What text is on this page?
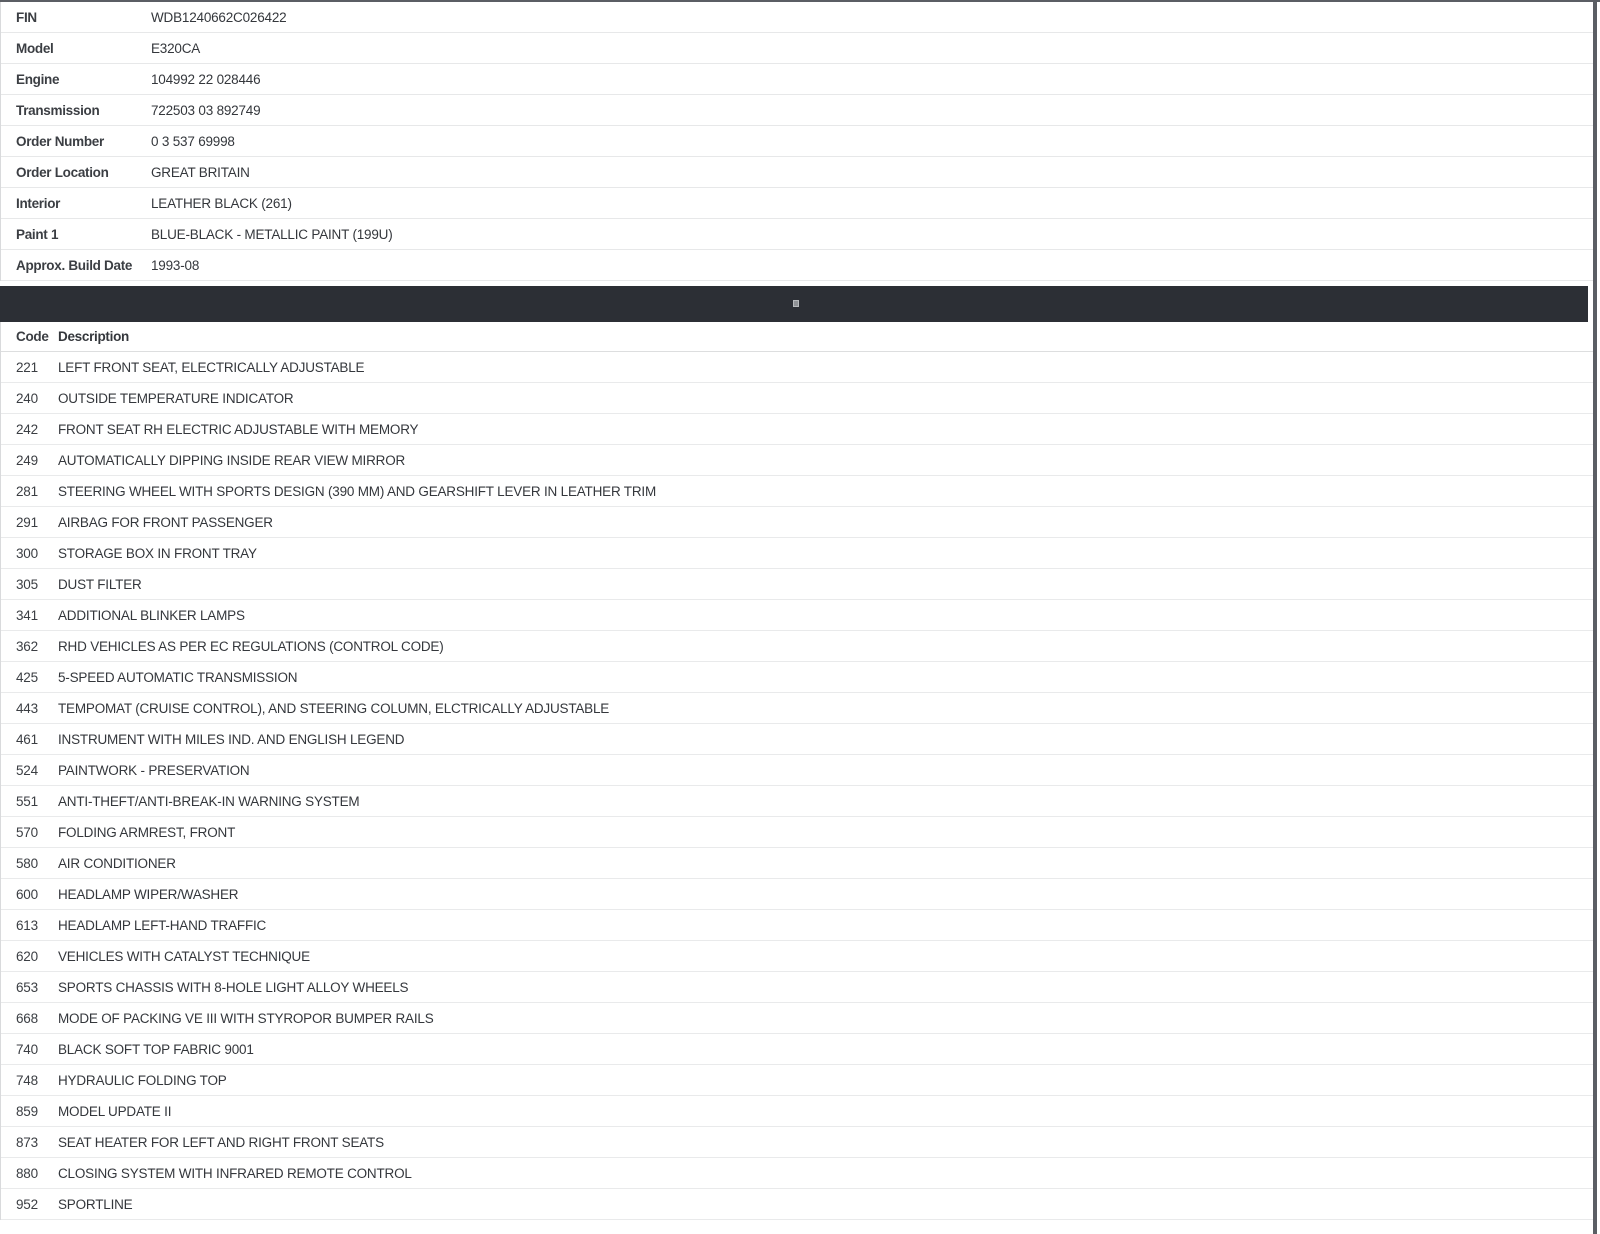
FIN	WDB1240662C026422
Model	E320CA
Engine	104992 22 028446
Transmission	722503 03 892749
Order Number	0 3 537 69998
Order Location	GREAT BRITAIN
Interior	LEATHER BLACK (261)
Paint 1	BLUE-BLACK - METALLIC PAINT (199U)
Approx. Build Date	1993-08
Code Description
221	LEFT FRONT SEAT, ELECTRICALLY ADJUSTABLE
240	OUTSIDE TEMPERATURE INDICATOR
242	FRONT SEAT RH ELECTRIC ADJUSTABLE WITH MEMORY
249	AUTOMATICALLY DIPPING INSIDE REAR VIEW MIRROR
281	STEERING WHEEL WITH SPORTS DESIGN (390 MM) AND GEARSHIFT LEVER IN LEATHER TRIM
291	AIRBAG FOR FRONT PASSENGER
300	STORAGE BOX IN FRONT TRAY
305	DUST FILTER
341	ADDITIONAL BLINKER LAMPS
362	RHD VEHICLES AS PER EC REGULATIONS (CONTROL CODE)
425	5-SPEED AUTOMATIC TRANSMISSION
443	TEMPOMAT (CRUISE CONTROL), AND STEERING COLUMN, ELCTRICALLY ADJUSTABLE
461	INSTRUMENT WITH MILES IND. AND ENGLISH LEGEND
524	PAINTWORK - PRESERVATION
551	ANTI-THEFT/ANTI-BREAK-IN WARNING SYSTEM
570	FOLDING ARMREST, FRONT
580	AIR CONDITIONER
600	HEADLAMP WIPER/WASHER
613	HEADLAMP LEFT-HAND TRAFFIC
620	VEHICLES WITH CATALYST TECHNIQUE
653	SPORTS CHASSIS WITH 8-HOLE LIGHT ALLOY WHEELS
668	MODE OF PACKING VE III WITH STYROPOR BUMPER RAILS
740	BLACK SOFT TOP FABRIC 9001
748	HYDRAULIC FOLDING TOP
859	MODEL UPDATE II
873	SEAT HEATER FOR LEFT AND RIGHT FRONT SEATS
880	CLOSING SYSTEM WITH INFRARED REMOTE CONTROL
952	SPORTLINE
